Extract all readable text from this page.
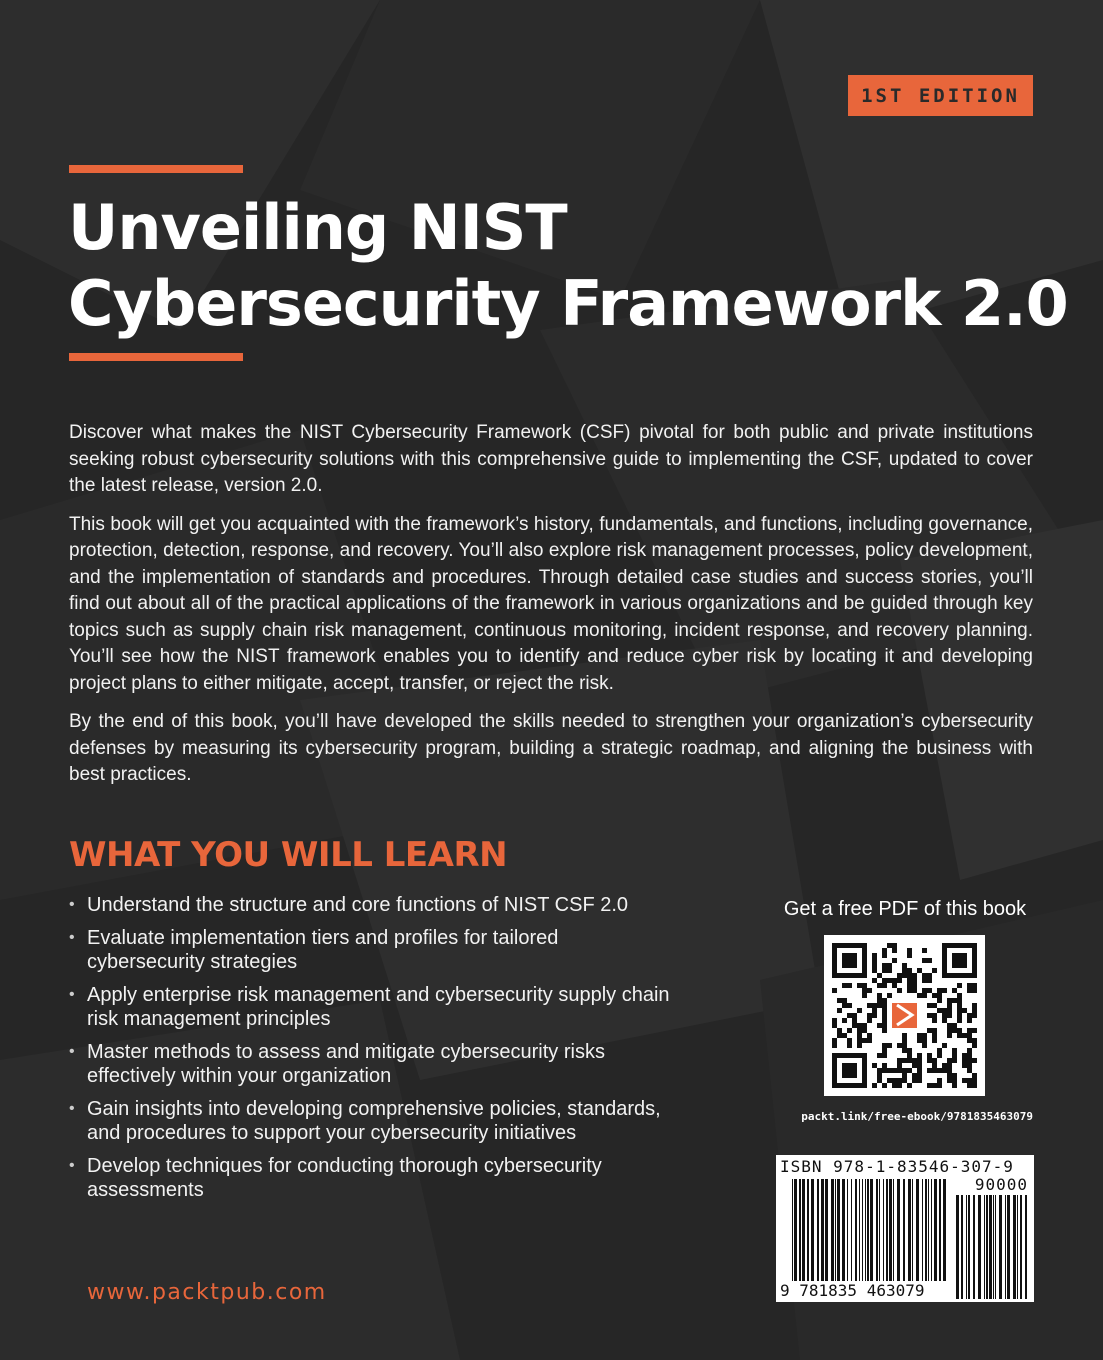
1ST EDITION
Unveiling NIST
Cybersecurity Framework 2.0

Discover what makes the NIST Cybersecurity Framework (CSF) pivotal for both public and private institutions seeking robust cybersecurity solutions with this comprehensive guide to implementing the CSF, updated to cover the latest release, version 2.0.

This book will get you acquainted with the framework’s history, fundamentals, and functions, including governance, protection, detection, response, and recovery. You’ll also explore risk management processes, policy development, and the implementation of standards and procedures. Through detailed case studies and success stories, you’ll find out about all of the practical applications of the framework in various organizations and be guided through key topics such as supply chain risk management, continuous monitoring, incident response, and recovery planning. You’ll see how the NIST framework enables you to identify and reduce cyber risk by locating it and developing project plans to either mitigate, accept, transfer, or reject the risk.

By the end of this book, you’ll have developed the skills needed to strengthen your organization’s cybersecurity defenses by measuring its cybersecurity program, building a strategic roadmap, and aligning the business with best practices.

WHAT YOU WILL LEARN
• Understand the structure and core functions of NIST CSF 2.0
• Evaluate implementation tiers and profiles for tailored cybersecurity strategies
• Apply enterprise risk management and cybersecurity supply chain risk management principles
• Master methods to assess and mitigate cybersecurity risks effectively within your organization
• Gain insights into developing comprehensive policies, standards, and procedures to support your cybersecurity initiatives
• Develop techniques for conducting thorough cybersecurity assessments
www.packtpub.com
Get a free PDF of this book
packt.link/free-ebook/9781835463079
ISBN 978-1-83546-307-9
90000
9 781835 463079
